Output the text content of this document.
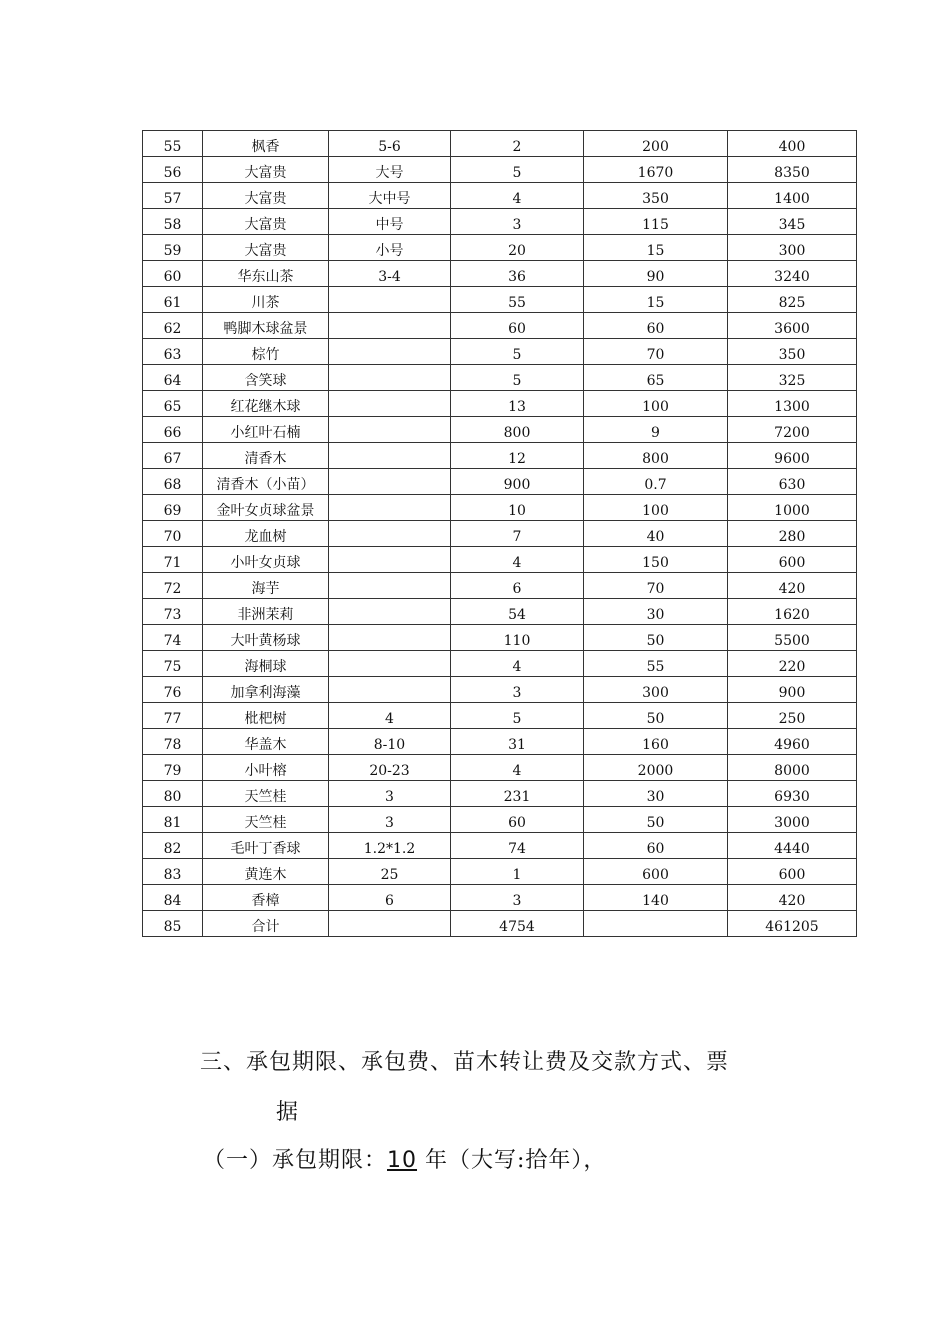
55	枫香	5-6	2	200	400
56	大富贵	大号	5	1670	8350
57	大富贵	大中号	4	350	1400
58	大富贵	中号	3	115	345
59	大富贵	小号	20	15	300
60	华东山茶	3-4	36	90	3240
61	川茶		55	15	825
62	鸭脚木球盆景		60	60	3600
63	棕竹		5	70	350
64	含笑球		5	65	325
65	红花继木球		13	100	1300
66	小红叶石楠		800	9	7200
67	清香木		12	800	9600
68	清香木（小苗）		900	0.7	630
69	金叶女贞球盆景		10	100	1000
70	龙血树		7	40	280
71	小叶女贞球		4	150	600
72	海芋		6	70	420
73	非洲茉莉		54	30	1620
74	大叶黄杨球		110	50	5500
75	海桐球		4	55	220
76	加拿利海藻		3	300	900
77	枇杷树	4	5	50	250
78	华盖木	8-10	31	160	4960
79	小叶榕	20-23	4	2000	8000
80	天竺桂	3	231	30	6930
81	天竺桂	3	60	50	3000
82	毛叶丁香球	1.2*1.2	74	60	4440
83	黄连木	25	1	600	600
84	香樟	6	3	140	420
85	合计		4754		461205
三、承包期限、承包费、苗木转让费及交款方式、票
据
（一）承包期限：10 年（大写:拾年），
